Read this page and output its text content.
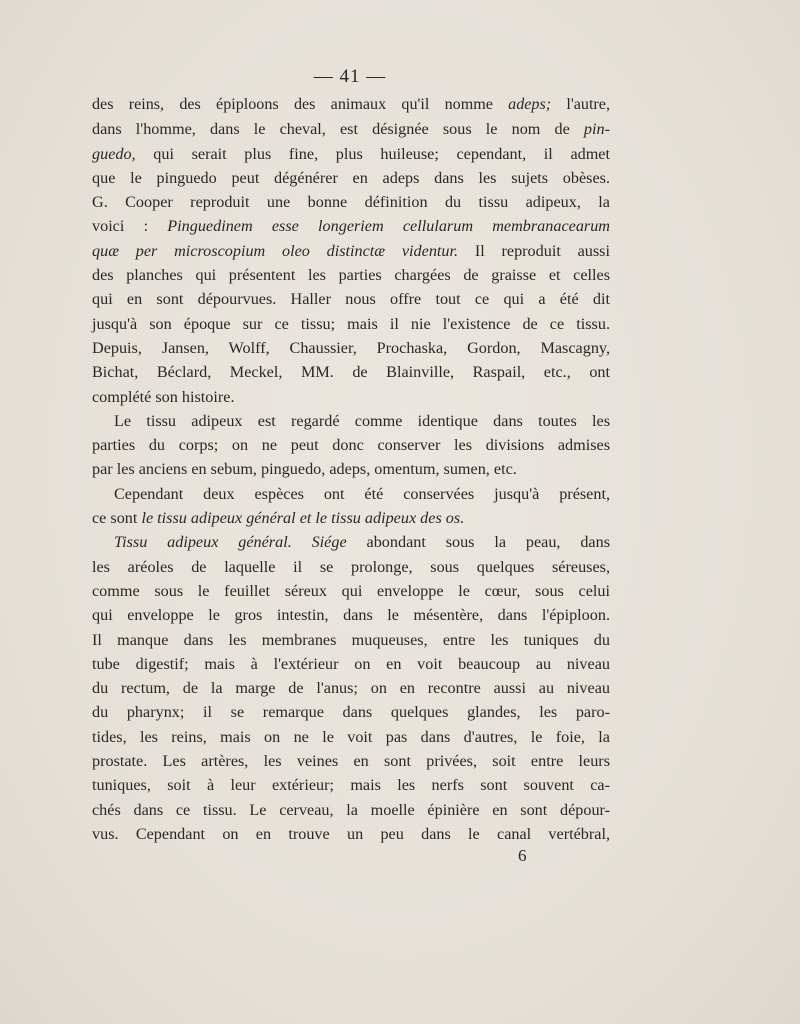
— 41 —
des reins, des épiploons des animaux qu'il nomme adeps; l'autre,
dans l'homme, dans le cheval, est désignée sous le nom de pin-
guedo, qui serait plus fine, plus huileuse; cependant, il admet
que le pinguedo peut dégénérer en adeps dans les sujets obèses.
G. Cooper reproduit une bonne définition du tissu adipeux, la
voici : Pinguedinem esse longeriem cellularum membranacearum
quæ per microscopium oleo distinctæ videntur. Il reproduit aussi
des planches qui présentent les parties chargées de graisse et celles
qui en sont dépourvues. Haller nous offre tout ce qui a été dit
jusqu'à son époque sur ce tissu; mais il nie l'existence de ce tissu.
Depuis, Jansen, Wolff, Chaussier, Prochaska, Gordon, Mascagny,
Bichat, Béclard, Meckel, MM. de Blainville, Raspail, etc., ont
complété son histoire.
Le tissu adipeux est regardé comme identique dans toutes les
parties du corps; on ne peut donc conserver les divisions admises
par les anciens en sebum, pinguedo, adeps, omentum, sumen, etc.
Cependant deux espèces ont été conservées jusqu'à présent,
ce sont le tissu adipeux général et le tissu adipeux des os.
Tissu adipeux général. Siége abondant sous la peau, dans
les aréoles de laquelle il se prolonge, sous quelques séreuses,
comme sous le feuillet séreux qui enveloppe le cœur, sous celui
qui enveloppe le gros intestin, dans le mésentère, dans l'épiploon.
Il manque dans les membranes muqueuses, entre les tuniques du
tube digestif; mais à l'extérieur on en voit beaucoup au niveau
du rectum, de la marge de l'anus; on en recontre aussi au niveau
du pharynx; il se remarque dans quelques glandes, les paro-
tides, les reins, mais on ne le voit pas dans d'autres, le foie, la
prostate. Les artères, les veines en sont privées, soit entre leurs
tuniques, soit à leur extérieur; mais les nerfs sont souvent ca-
chés dans ce tissu. Le cerveau, la moelle épinière en sont dépour-
vus. Cependant on en trouve un peu dans le canal vertébral,
6
